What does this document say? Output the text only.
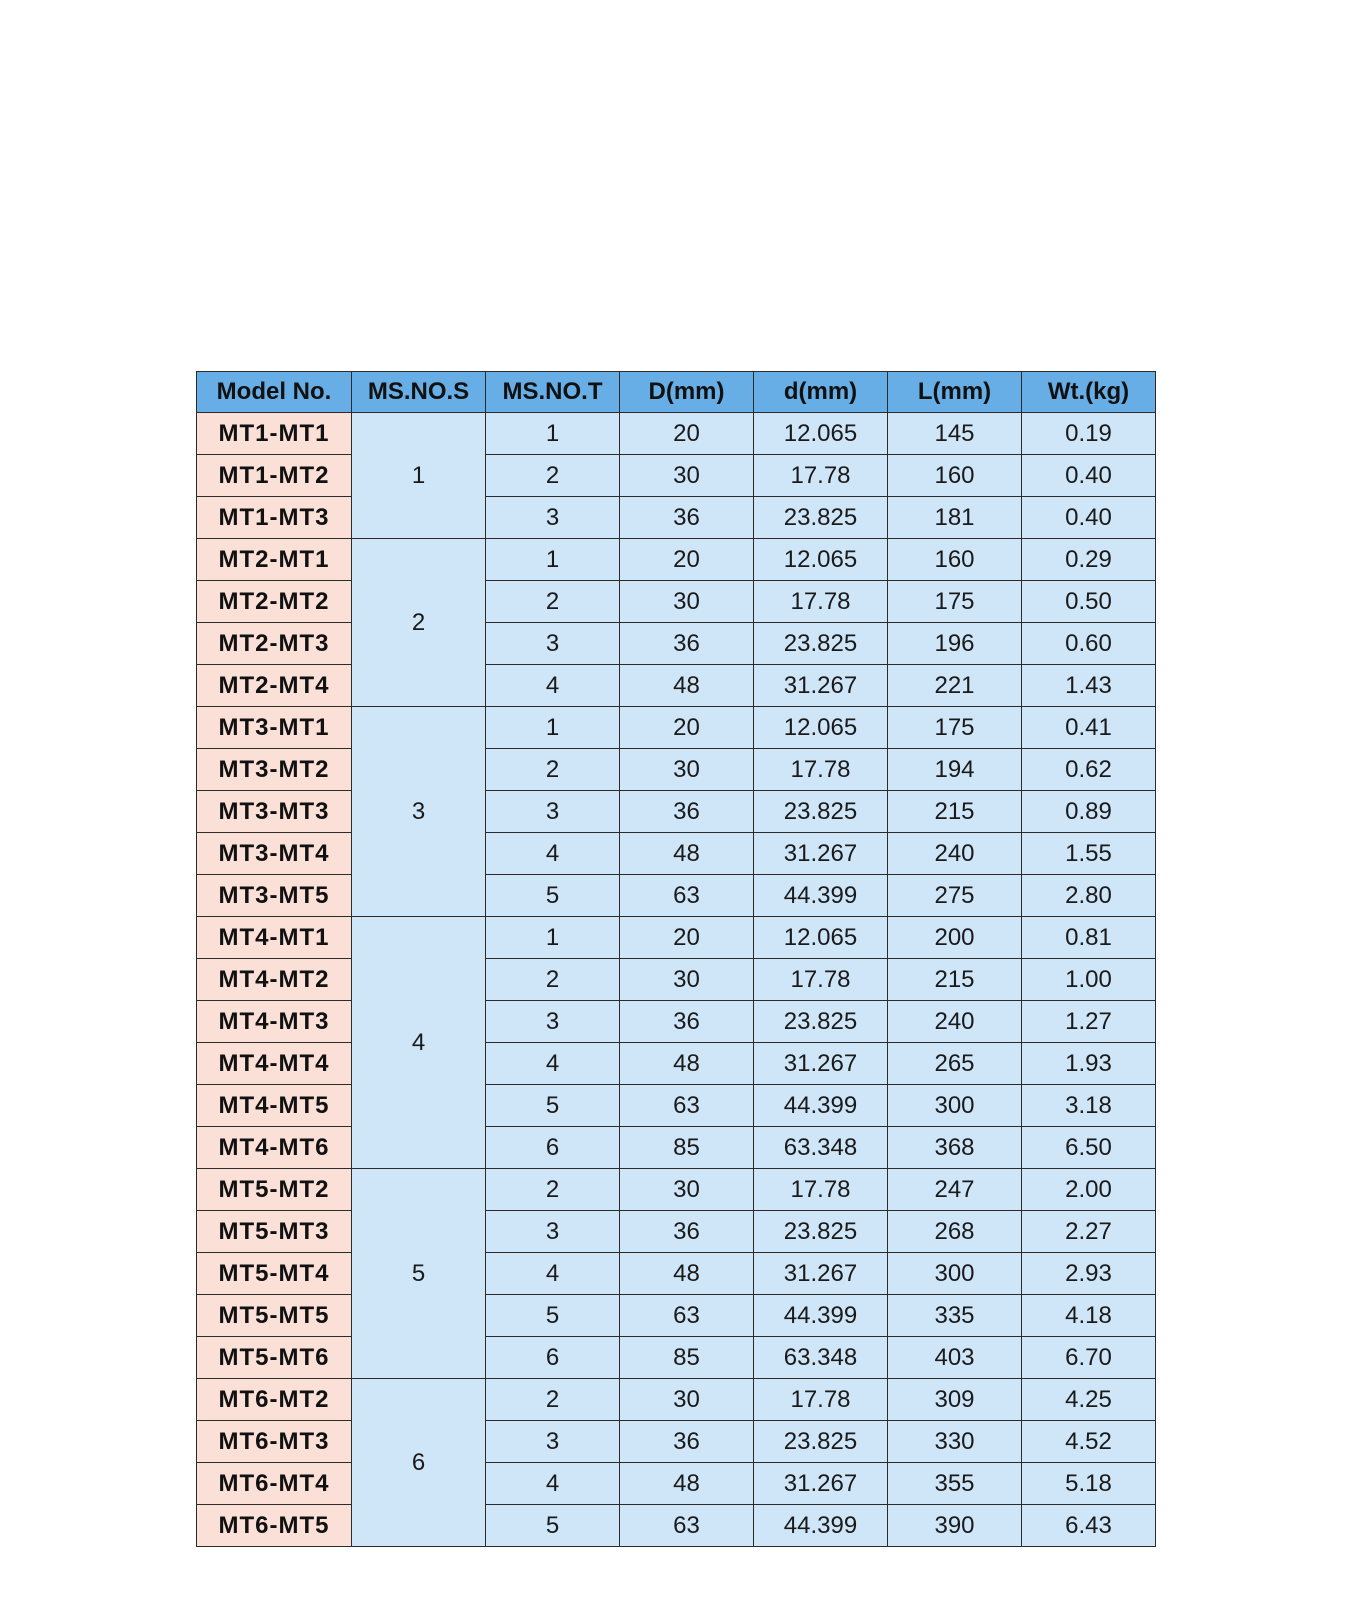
Model No.	MS.NO.S	MS.NO.T	D(mm)	d(mm)	L(mm)	Wt.(kg)
MT1-MT1	1	1	20	12.065	145	0.19
MT1-MT2		2	30	17.78	160	0.40
MT1-MT3		3	36	23.825	181	0.40
MT2-MT1	2	1	20	12.065	160	0.29
MT2-MT2		2	30	17.78	175	0.50
MT2-MT3		3	36	23.825	196	0.60
MT2-MT4		4	48	31.267	221	1.43
MT3-MT1	3	1	20	12.065	175	0.41
MT3-MT2		2	30	17.78	194	0.62
MT3-MT3		3	36	23.825	215	0.89
MT3-MT4		4	48	31.267	240	1.55
MT3-MT5		5	63	44.399	275	2.80
MT4-MT1	4	1	20	12.065	200	0.81
MT4-MT2		2	30	17.78	215	1.00
MT4-MT3		3	36	23.825	240	1.27
MT4-MT4		4	48	31.267	265	1.93
MT4-MT5		5	63	44.399	300	3.18
MT4-MT6		6	85	63.348	368	6.50
MT5-MT2	5	2	30	17.78	247	2.00
MT5-MT3		3	36	23.825	268	2.27
MT5-MT4		4	48	31.267	300	2.93
MT5-MT5		5	63	44.399	335	4.18
MT5-MT6		6	85	63.348	403	6.70
MT6-MT2	6	2	30	17.78	309	4.25
MT6-MT3		3	36	23.825	330	4.52
MT6-MT4		4	48	31.267	355	5.18
MT6-MT5		5	63	44.399	390	6.43
